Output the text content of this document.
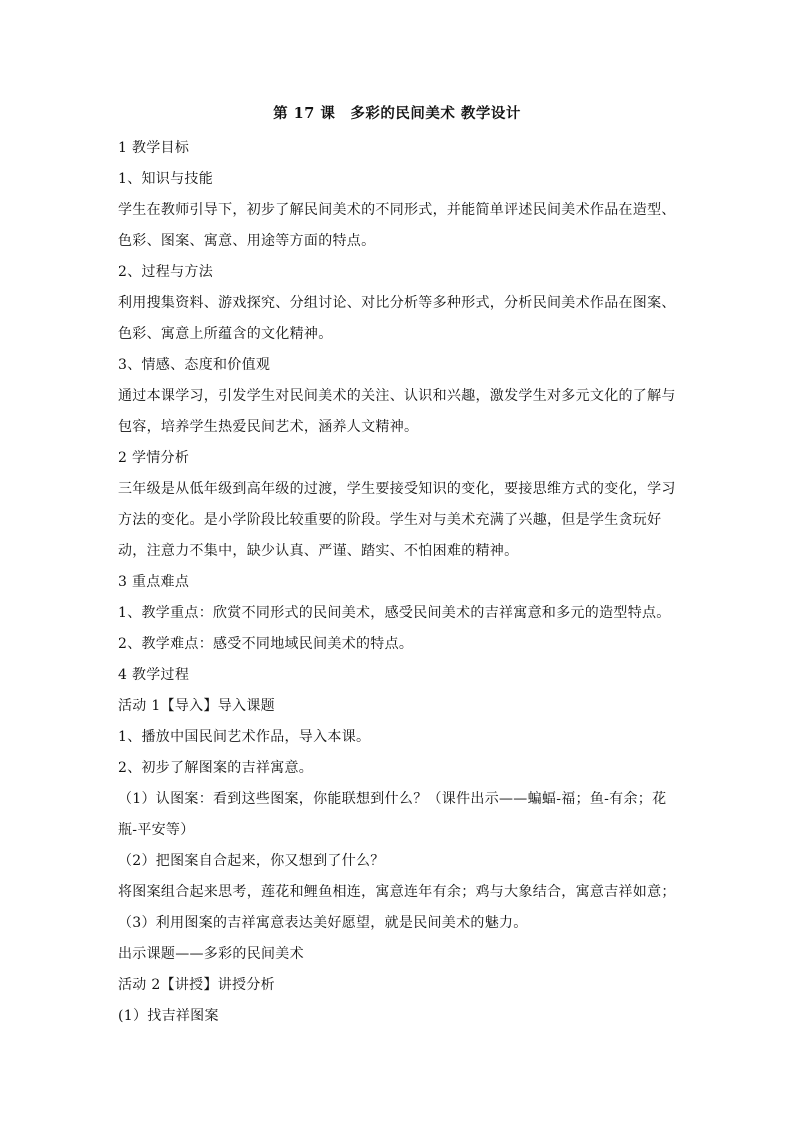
第 17 课　多彩的民间美术 教学设计

1 教学目标

1、知识与技能

学生在教师引导下，初步了解民间美术的不同形式，并能简单评述民间美术作品在造型、色彩、图案、寓意、用途等方面的特点。

2、过程与方法

利用搜集资料、游戏探究、分组讨论、对比分析等多种形式，分析民间美术作品在图案、色彩、寓意上所蕴含的文化精神。

3、情感、态度和价值观

通过本课学习，引发学生对民间美术的关注、认识和兴趣，激发学生对多元文化的了解与包容，培养学生热爱民间艺术，涵养人文精神。

2 学情分析

三年级是从低年级到高年级的过渡，学生要接受知识的变化，要接思维方式的变化，学习方法的变化。是小学阶段比较重要的阶段。学生对与美术充满了兴趣，但是学生贪玩好动，注意力不集中，缺少认真、严谨、踏实、不怕困难的精神。

3 重点难点

1、教学重点：欣赏不同形式的民间美术，感受民间美术的吉祥寓意和多元的造型特点。

2、教学难点：感受不同地域民间美术的特点。

4 教学过程

活动 1【导入】导入课题

1、播放中国民间艺术作品，导入本课。

2、初步了解图案的吉祥寓意。

（1）认图案：看到这些图案，你能联想到什么？（课件出示——蝙蝠-福；鱼-有余；花瓶-平安等）

（2）把图案自合起来，你又想到了什么？

将图案组合起来思考，莲花和鲤鱼相连，寓意连年有余；鸡与大象结合，寓意吉祥如意；

（3）利用图案的吉祥寓意表达美好愿望，就是民间美术的魅力。

出示课题——多彩的民间美术

活动 2【讲授】讲授分析

(1）找吉祥图案
